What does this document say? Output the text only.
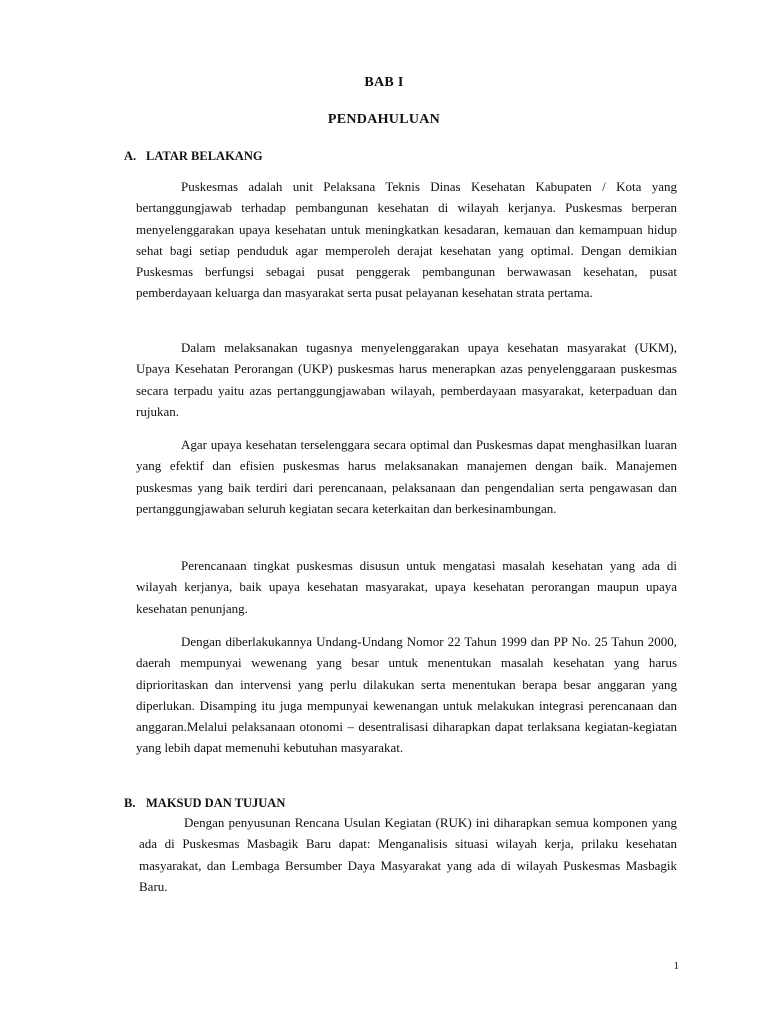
BAB I
PENDAHULUAN
A. LATAR BELAKANG

Puskesmas adalah unit Pelaksana Teknis Dinas Kesehatan Kabupaten / Kota yang bertanggungjawab terhadap pembangunan kesehatan di wilayah kerjanya. Puskesmas berperan menyelenggarakan upaya kesehatan untuk meningkatkan kesadaran, kemauan dan kemampuan hidup sehat bagi setiap penduduk agar memperoleh derajat kesehatan yang optimal. Dengan demikian Puskesmas berfungsi sebagai pusat penggerak pembangunan berwawasan kesehatan, pusat pemberdayaan keluarga dan masyarakat serta pusat pelayanan kesehatan strata pertama.

Dalam melaksanakan tugasnya menyelenggarakan upaya kesehatan masyarakat (UKM), Upaya Kesehatan Perorangan (UKP) puskesmas harus menerapkan azas penyelenggaraan puskesmas secara terpadu yaitu azas pertanggungjawaban wilayah, pemberdayaan masyarakat, keterpaduan dan rujukan.

Agar upaya kesehatan terselenggara secara optimal dan Puskesmas dapat menghasilkan luaran yang efektif dan efisien puskesmas harus melaksanakan manajemen dengan baik. Manajemen puskesmas yang baik terdiri dari perencanaan, pelaksanaan dan pengendalian serta pengawasan dan pertanggungjawaban seluruh kegiatan secara keterkaitan dan berkesinambungan.

Perencanaan tingkat puskesmas disusun untuk mengatasi masalah kesehatan yang ada di wilayah kerjanya, baik upaya kesehatan masyarakat, upaya kesehatan perorangan maupun upaya kesehatan penunjang.

Dengan diberlakukannya Undang-Undang Nomor 22 Tahun 1999 dan PP No. 25 Tahun 2000, daerah mempunyai wewenang yang besar untuk menentukan masalah kesehatan yang harus diprioritaskan dan intervensi yang perlu dilakukan serta menentukan berapa besar anggaran yang diperlukan. Disamping itu juga mempunyai kewenangan untuk melakukan integrasi perencanaan dan anggaran.Melalui pelaksanaan otonomi – desentralisasi diharapkan dapat terlaksana kegiatan-kegiatan yang lebih dapat memenuhi kebutuhan masyarakat.

B. MAKSUD DAN TUJUAN

Dengan penyusunan Rencana Usulan Kegiatan (RUK) ini diharapkan semua komponen yang ada di Puskesmas Masbagik Baru dapat: Menganalisis situasi wilayah kerja, prilaku kesehatan masyarakat, dan Lembaga Bersumber Daya Masyarakat yang ada di wilayah Puskesmas Masbagik Baru.

1
